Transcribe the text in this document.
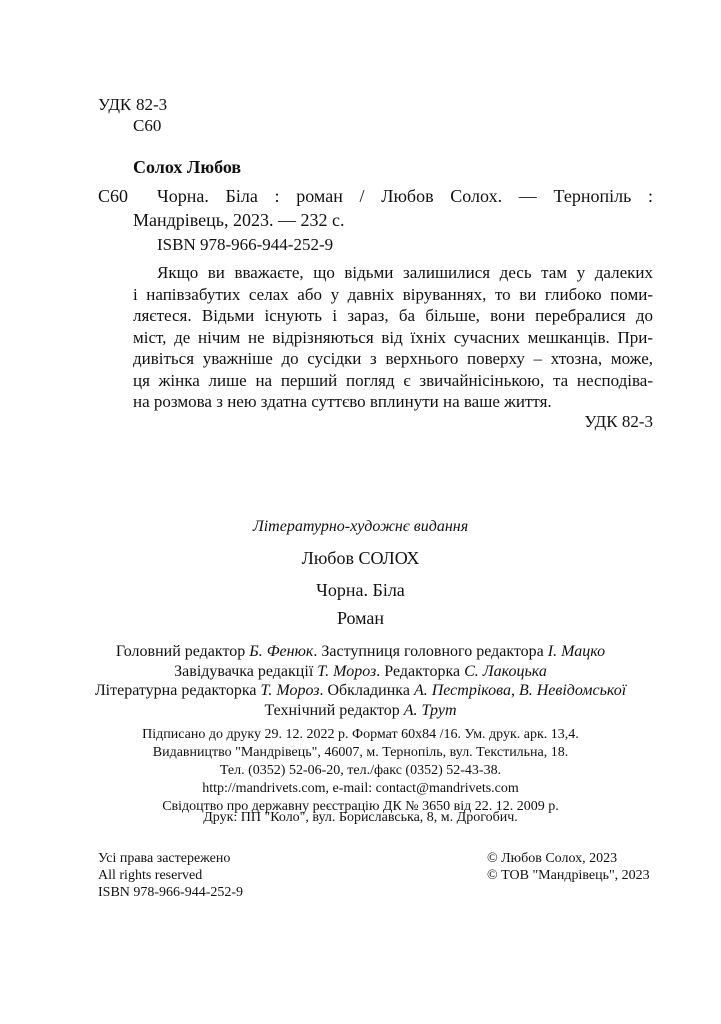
УДК 82-3
С60
Солох Любов
С60 Чорна. Біла : роман / Любов Солох. — Тернопіль :
Мандрівець, 2023. — 232 с.
ISBN 978-966-944-252-9
Якщо ви вважаєте, що відьми залишилися десь там у далеких
і напівзабутих селах або у давніх віруваннях, то ви глибоко поми-
ляєтеся. Відьми існують і зараз, ба більше, вони перебралися до
міст, де нічим не відрізняються від їхніх сучасних мешканців. При-
дивіться уважніше до сусідки з верхнього поверху – хтозна, може,
ця жінка лише на перший погляд є звичайнісінькою, та несподіва-
на розмова з нею здатна суттєво вплинути на ваше життя.
УДК 82-3
Літературно-художнє видання
Любов СОЛОХ
Чорна. Біла
Роман
Головний редактор Б. Фенюк. Заступниця головного редактора І. Мацко
Завідувачка редакції Т. Мороз. Редакторка С. Лакоцька
Літературна редакторка Т. Мороз. Обкладинка А. Пестрікова, В. Невідомської
Технічний редактор А. Трут
Підписано до друку 29. 12. 2022 р. Формат 60х84 /16. Ум. друк. арк. 13,4.
Видавництво "Мандрівець", 46007, м. Тернопіль, вул. Текстильна, 18.
Тел. (0352) 52-06-20, тел./факс (0352) 52-43-38.
http://mandrivets.com, e-mail: contact@mandrivets.com
Свідоцтво про державну реєстрацію ДК № 3650 від 22. 12. 2009 р.
Друк: ПП "Коло", вул. Бориславська, 8, м. Дрогобич.
Усі права застережено
All rights reserved
ISBN 978-966-944-252-9
© Любов Солох, 2023
© ТОВ "Мандрівець", 2023
